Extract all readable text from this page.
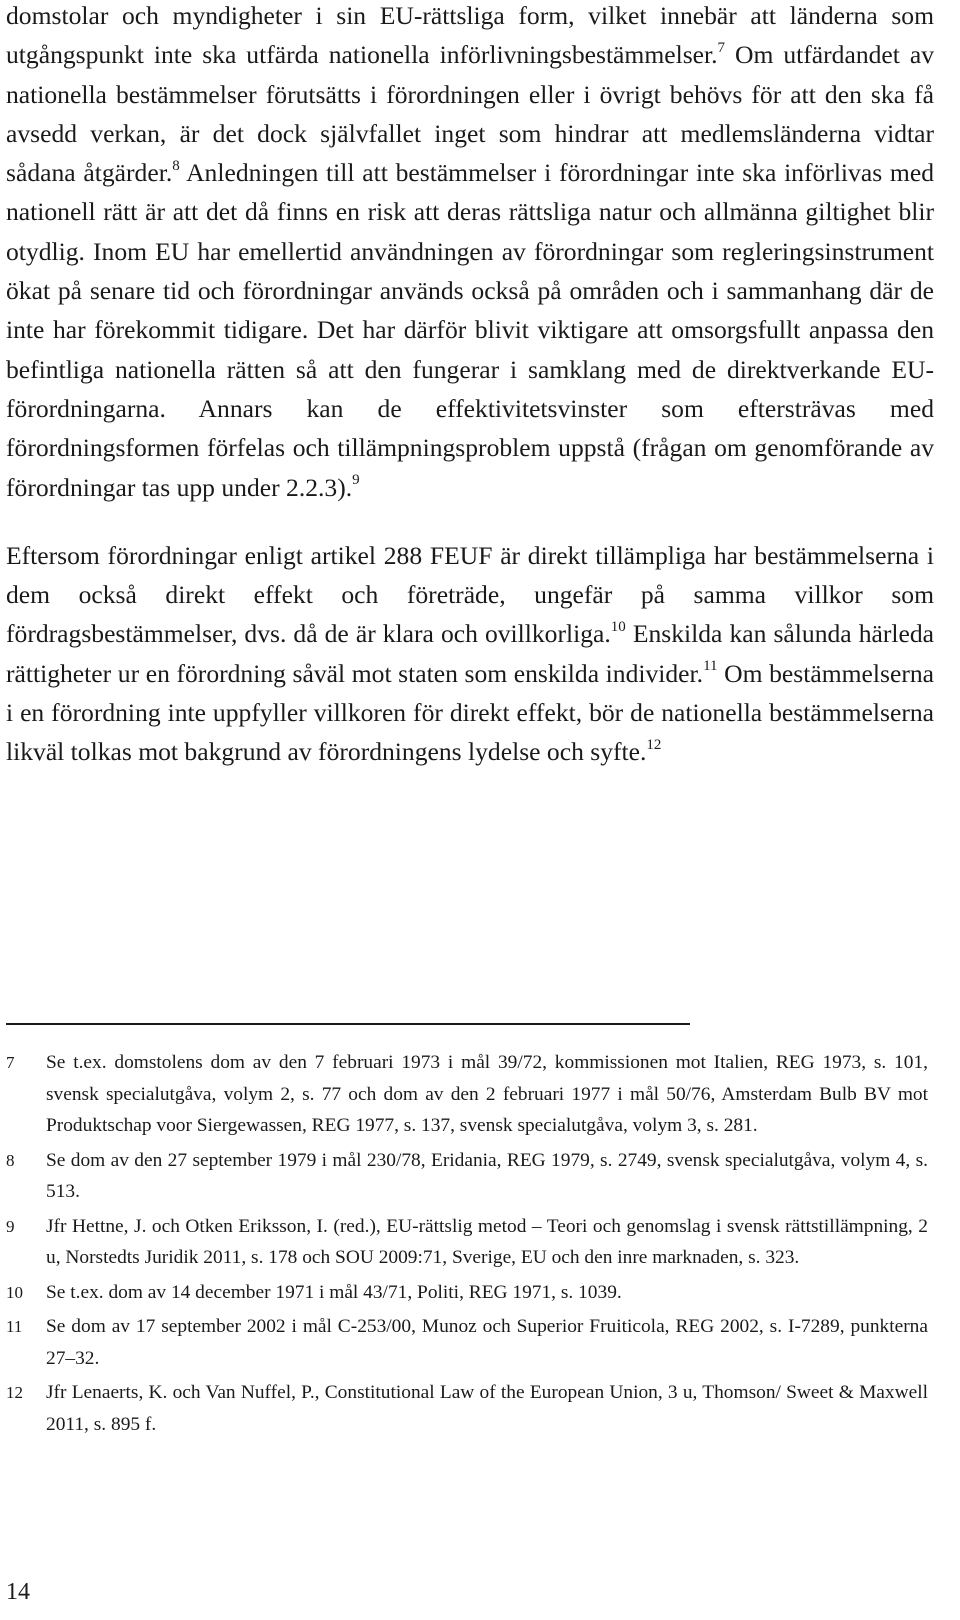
domstolar och myndigheter i sin EU-rättsliga form, vilket innebär att länderna som utgångspunkt inte ska utfärda nationella införlivningsbestämmelser.$^7$ Om utfärdandet av nationella bestämmelser förutsätts i förordningen eller i övrigt behövs för att den ska få avsedd verkan, är det dock självfallet inget som hindrar att medlemsländerna vidtar sådana åtgärder.$^8$ Anledningen till att bestämmelser i förordningar inte ska införlivas med nationell rätt är att det då finns en risk att deras rättsliga natur och allmänna giltighet blir otydlig. Inom EU har emellertid användningen av förordningar som regleringsinstrument ökat på senare tid och förordningar används också på områden och i sammanhang där de inte har förekommit tidigare. Det har därför blivit viktigare att omsorgsfullt anpassa den befintliga nationella rätten så att den fungerar i samklang med de direktverkande EU-förordningarna. Annars kan de effektivitetsvinster som eftersträvas med förordningsformen förfelas och tillämpningsproblem uppstå (frågan om genomförande av förordningar tas upp under 2.2.3).$^9$

Eftersom förordningar enligt artikel 288 FEUF är direkt tillämpliga har bestämmelserna i dem också direkt effekt och företräde, ungefär på samma villkor som fördragsbestämmelser, dvs. då de är klara och ovillkorliga.$^{10}$ Enskilda kan sålunda härleda rättigheter ur en förordning såväl mot staten som enskilda individer.$^{11}$ Om bestämmelserna i en förordning inte uppfyller villkoren för direkt effekt, bör de nationella bestämmelserna likväl tolkas mot bakgrund av förordningens lydelse och syfte.$^{12}$

7 Se t.ex. domstolens dom av den 7 februari 1973 i mål 39/72, kommissionen mot Italien, REG 1973, s. 101, svensk specialutgåva, volym 2, s. 77 och dom av den 2 februari 1977 i mål 50/76, Amsterdam Bulb BV mot Produktschap voor Siergewassen, REG 1977, s. 137, svensk specialutgåva, volym 3, s. 281.
8 Se dom av den 27 september 1979 i mål 230/78, Eridania, REG 1979, s. 2749, svensk specialutgåva, volym 4, s. 513.
9 Jfr Hettne, J. och Otken Eriksson, I. (red.), EU-rättslig metod – Teori och genomslag i svensk rättstillämpning, 2 u, Norstedts Juridik 2011, s. 178 och SOU 2009:71, Sverige, EU och den inre marknaden, s. 323.
10 Se t.ex. dom av 14 december 1971 i mål 43/71, Politi, REG 1971, s. 1039.
11 Se dom av 17 september 2002 i mål C-253/00, Munoz och Superior Fruiticola, REG 2002, s. I-7289, punkterna 27–32.
12 Jfr Lenaerts, K. och Van Nuffel, P., Constitutional Law of the European Union, 3 u, Thomson/ Sweet & Maxwell 2011, s. 895 f.
14
